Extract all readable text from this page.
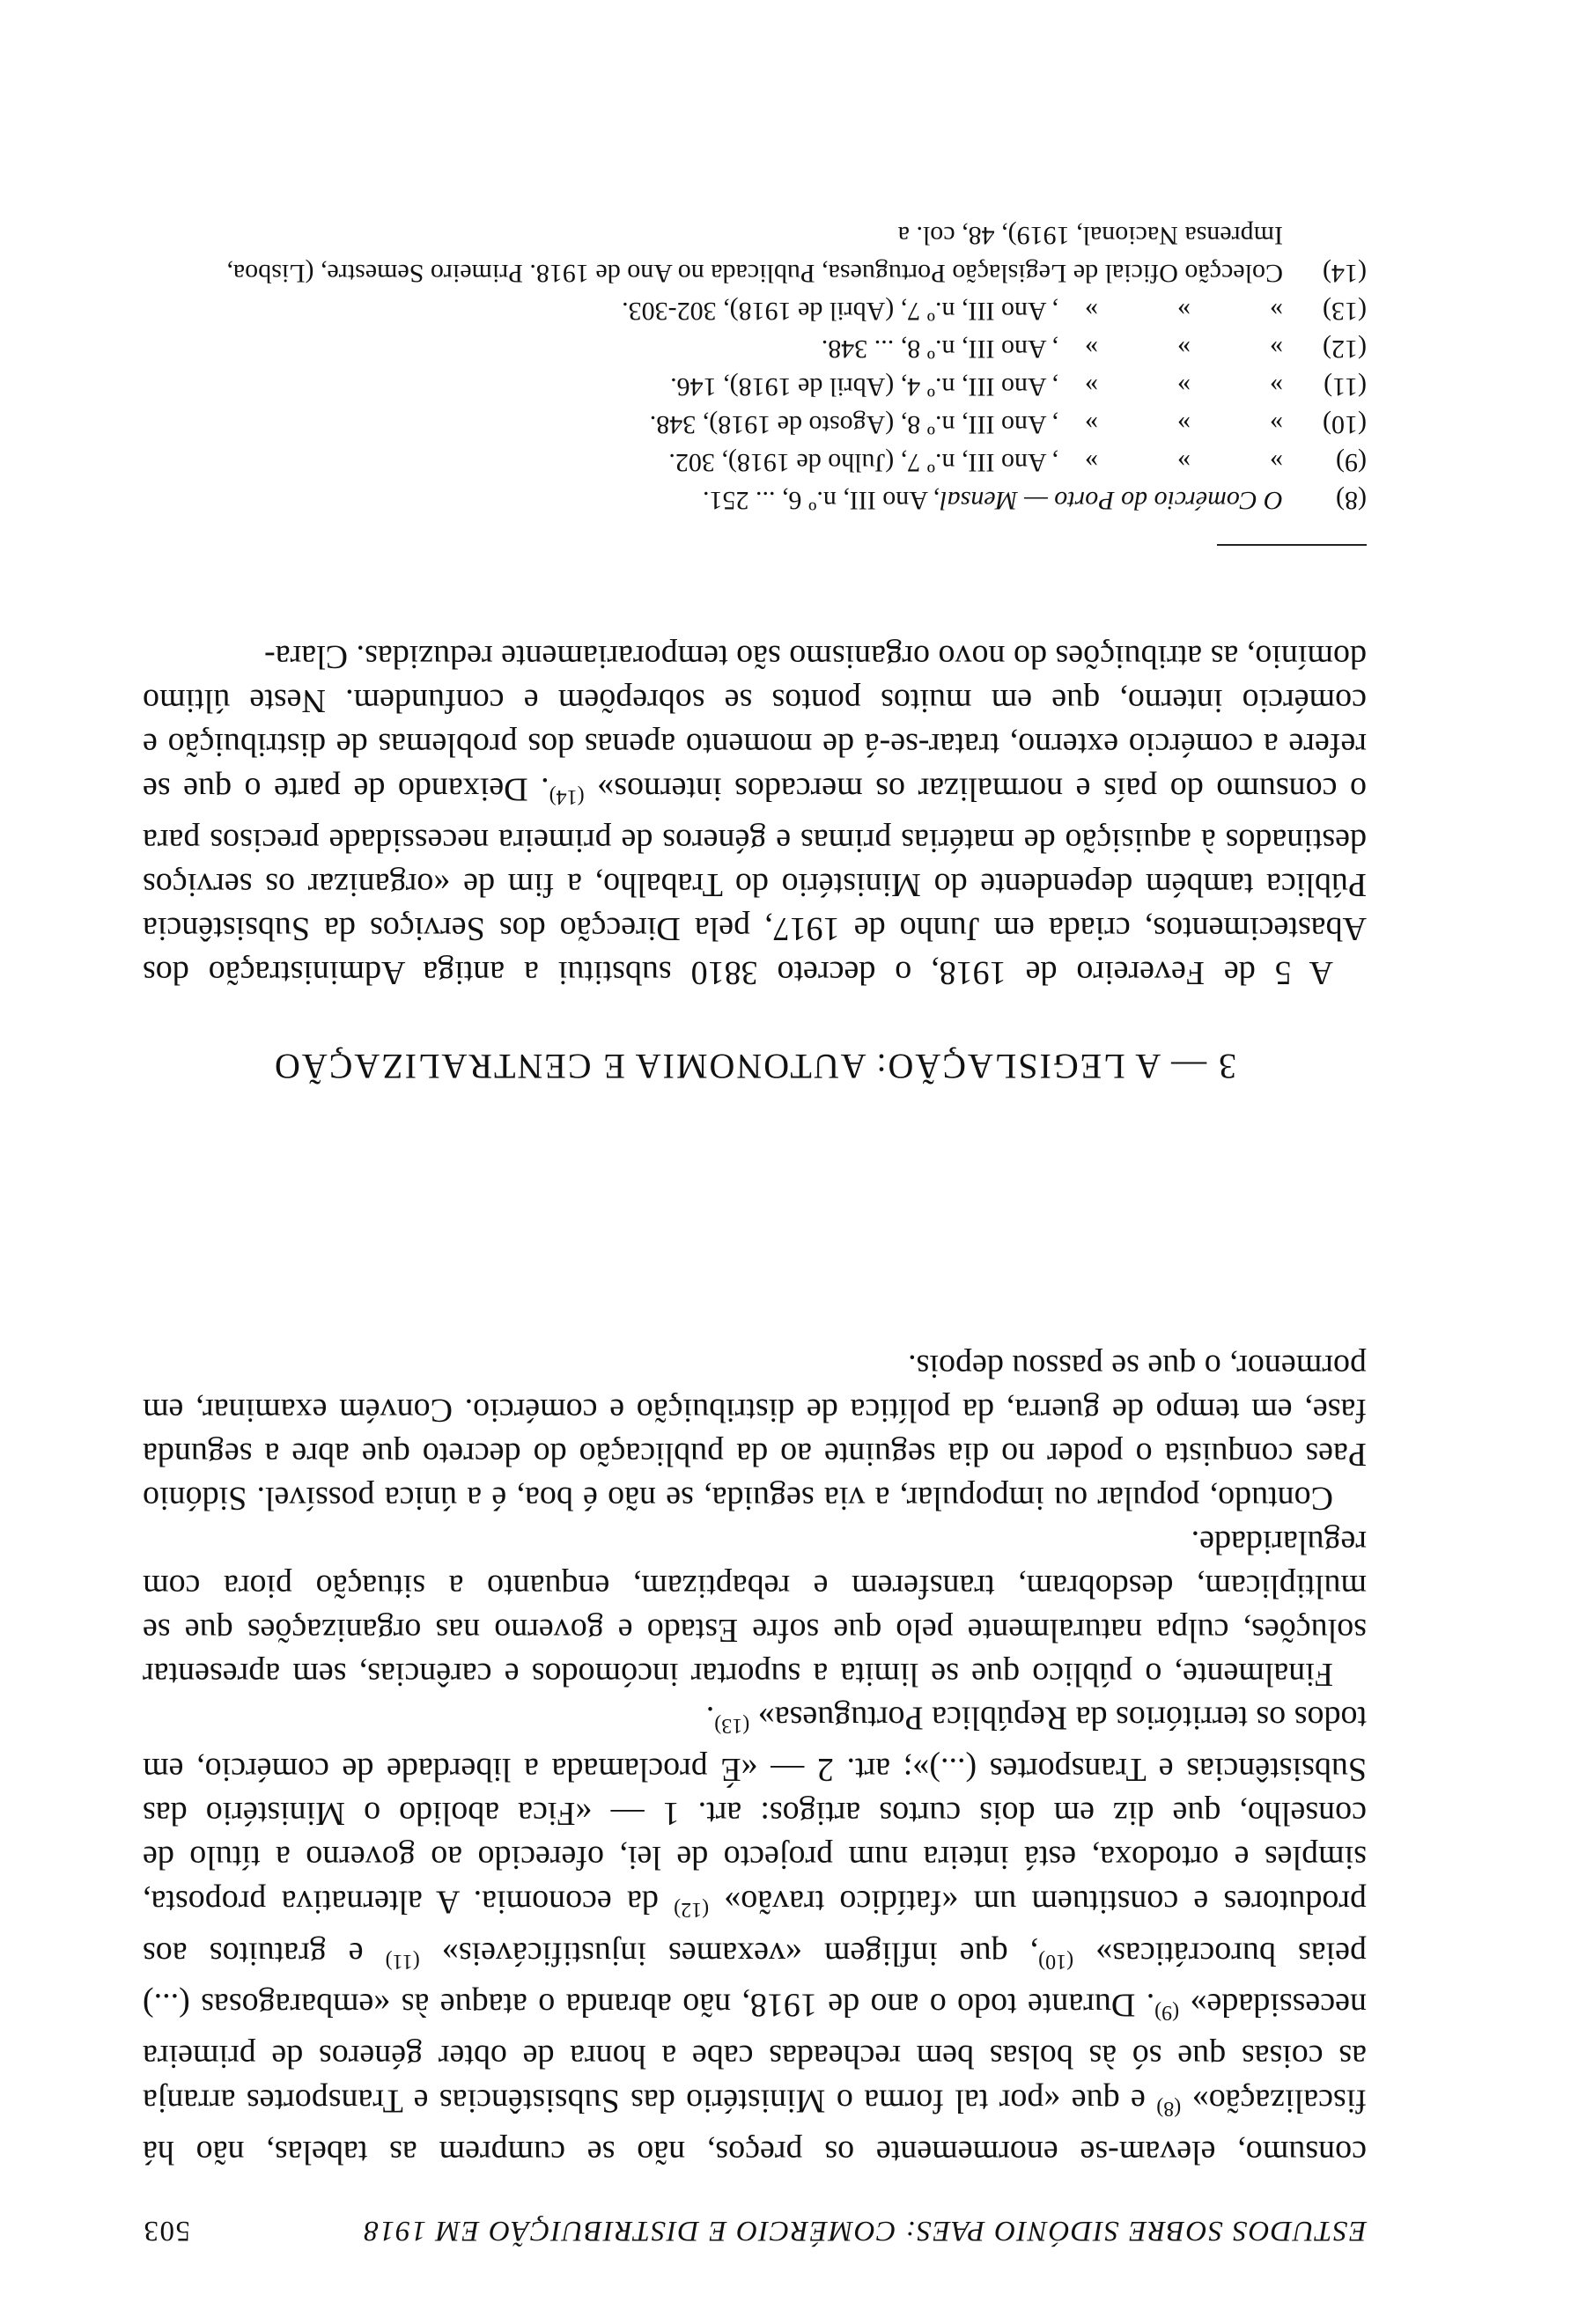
ESTUDOS SOBRE SIDÓNIO PAES: COMÉRCIO E DISTRIBUIÇÃO EM 1918
503

consumo, elevam-se enormemente os preços, não se cumprem as tabelas, não há fiscalização» $^{(8)}$ e que «por tal forma o Ministério das Subsistências e Transportes arranja as coisas que só às bolsas bem recheadas cabe a honra de obter géneros de primeira necessidade» $^{(9)}$. Durante todo o ano de 1918, não abranda o ataque às «embaragosas (...) peias burocráticas» $^{(10)}$, que infligem «vexames injustificáveis» $^{(11)}$ e gratuitos aos produtores e constituem um «fatídico travão» $^{(12)}$ da economia. A alternativa proposta, simples e ortodoxa, está inteira num projecto de lei, oferecido ao governo a título de conselho, que diz em dois curtos artigos: art. 1 — «Fica abolido o Ministério das Subsistências e Transportes (...)»; art. 2 — «É proclamada a liberdade de comércio, em todos os territórios da República Portuguesa» $^{(13)}$.

Finalmente, o público que se limita a suportar incómodos e carências, sem apresentar soluções, culpa naturalmente pelo que sofre Estado e governo nas organizações que se multiplicam, desdobram, transferem e rebaptizam, enquanto a situação piora com regularidade.

Contudo, popular ou impopular, a via seguida, se não é boa, é a única possível. Sidónio Paes conquista o poder no dia seguinte ao da publicação do decreto que abre a segunda fase, em tempo de guerra, da política de distribuição e comércio. Convém examinar, em pormenor, o que se passou depois.

3 — A LEGISLAÇÃO: AUTONOMIA E CENTRALIZAÇÃO

A 5 de Fevereiro de 1918, o decreto 3810 substitui a antiga Administração dos Abastecimentos, criada em Junho de 1917, pela Direcção dos Serviços da Subsistência Pública também dependente do Ministério do Trabalho, a fim de «organizar os serviços destinados à aquisição de matérias primas e géneros de primeira necessidade precisos para o consumo do país e normalizar os mercados internos» $^{(14)}$. Deixando de parte o que se refere a comércio externo, tratar-se-á de momento apenas dos problemas de distribuição e comércio interno, que em muitos pontos se sobrepõem e confundem. Neste último domínio, as atribuições do novo organismo são temporariamente reduzidas. Clara-

(8)
O Comércio do Porto — Mensal, Ano III, n.º 6, ... 251.
(9)
»   »   » , Ano III, n.º 7, (Julho de 1918), 302.
(10)
»   »   » , Ano III, n.º 8, (Agosto de 1918), 348.
(11)
»   »   » , Ano III, n.º 4, (Abril de 1918), 146.
(12)
»   »   » , Ano III, n.º 8, ... 348.
(13)
»   »   » , Ano III, n.º 7, (Abril de 1918), 302-303.
(14)
Colecção Oficial de Legislação Portuguesa, Publicada no Ano de 1918. Primeiro Semestre, (Lisboa, Imprensa Nacional, 1919), 48, col. a
